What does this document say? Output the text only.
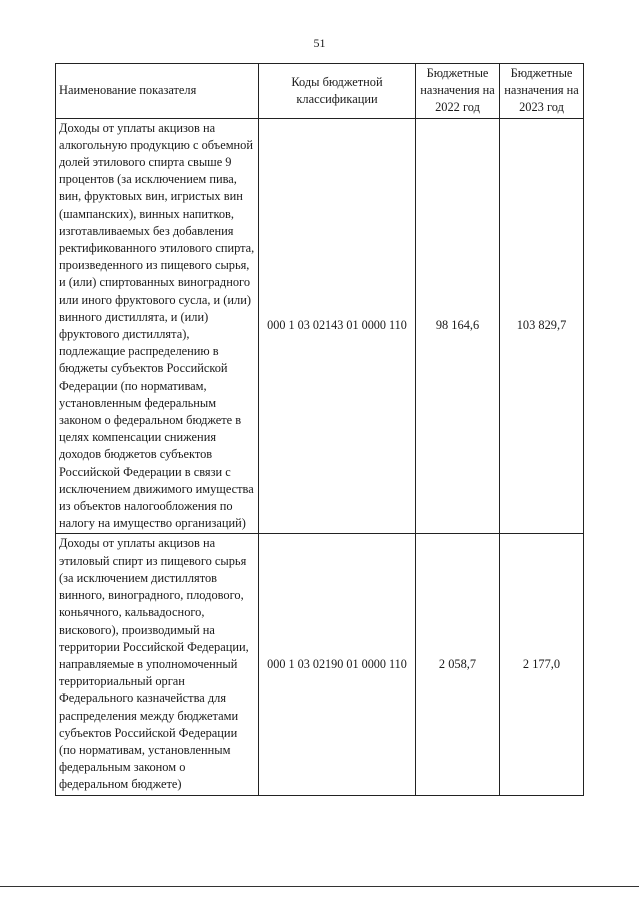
51
Наименование показателя	Коды бюджетной классификации	Бюджетные назначения на 2022 год	Бюджетные назначения на 2023 год
Доходы от уплаты акцизов на алкогольную продукцию с объемной долей этилового спирта свыше 9 процентов (за исключением пива, вин, фруктовых вин, игристых вин (шампанских), винных напитков, изготавливаемых без добавления ректификованного этилового спирта, произведенного из пищевого сырья, и (или) спиртованных виноградного или иного фруктового сусла, и (или) винного дистиллята, и (или) фруктового дистиллята), подлежащие распределению в бюджеты субъектов Российской Федерации (по нормативам, установленным федеральным законом о федеральном бюджете в целях компенсации снижения доходов бюджетов субъектов Российской Федерации в связи с исключением движимого имущества из объектов налогообложения по налогу на имущество организаций)	000 1 03 02143 01 0000 110	98 164,6	103 829,7
Доходы от уплаты акцизов на этиловый спирт из пищевого сырья (за исключением дистиллятов винного, виноградного, плодового, коньячного, кальвадосного, вискового), производимый на территории Российской Федерации, направляемые в уполномоченный территориальный орган Федерального казначейства для распределения между бюджетами субъектов Российской Федерации (по нормативам, установленным федеральным законом о федеральном бюджете)	000 1 03 02190 01 0000 110	2 058,7	2 177,0
